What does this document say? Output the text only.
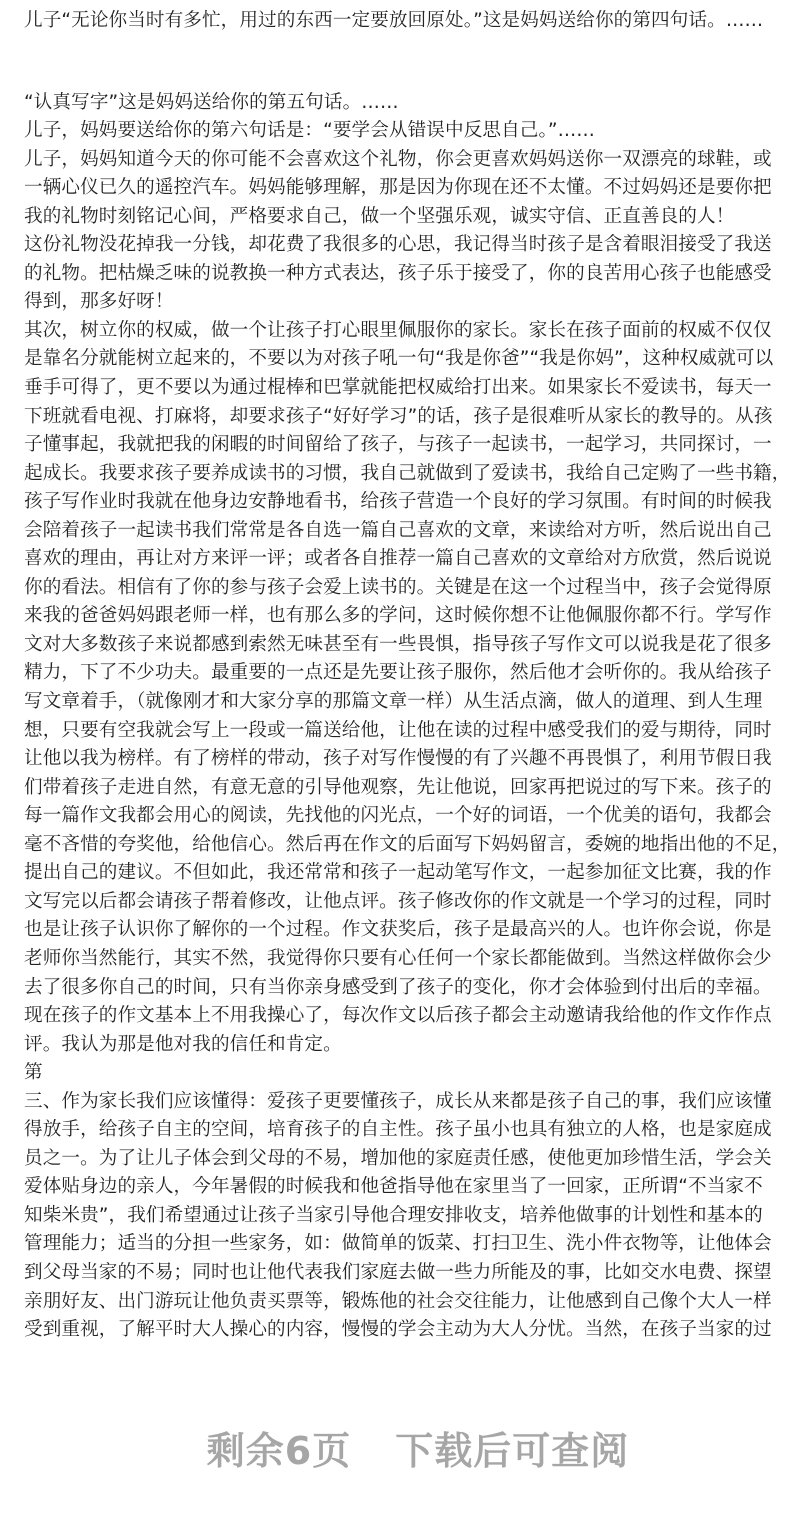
儿子“无论你当时有多忙，用过的东西一定要放回原处。”这是妈妈送给你的第四句话。……
“认真写字”这是妈妈送给你的第五句话。……
儿子，妈妈要送给你的第六句话是：“要学会从错误中反思自己。”……
儿子，妈妈知道今天的你可能不会喜欢这个礼物，你会更喜欢妈妈送你一双漂亮的球鞋，或
一辆心仪已久的遥控汽车。妈妈能够理解，那是因为你现在还不太懂。不过妈妈还是要你把
我的礼物时刻铭记心间，严格要求自己，做一个坚强乐观，诚实守信、正直善良的人！
这份礼物没花掉我一分钱，却花费了我很多的心思，我记得当时孩子是含着眼泪接受了我送
的礼物。把枯燥乏味的说教换一种方式表达，孩子乐于接受了，你的良苦用心孩子也能感受
得到，那多好呀！
其次，树立你的权威，做一个让孩子打心眼里佩服你的家长。家长在孩子面前的权威不仅仅
是靠名分就能树立起来的，不要以为对孩子吼一句“我是你爸”“我是你妈”，这种权威就可以
垂手可得了，更不要以为通过棍棒和巴掌就能把权威给打出来。如果家长不爱读书，每天一
下班就看电视、打麻将，却要求孩子“好好学习”的话，孩子是很难听从家长的教导的。从孩
子懂事起，我就把我的闲暇的时间留给了孩子，与孩子一起读书，一起学习，共同探讨，一
起成长。我要求孩子要养成读书的习惯，我自己就做到了爱读书，我给自己定购了一些书籍，
孩子写作业时我就在他身边安静地看书，给孩子营造一个良好的学习氛围。有时间的时候我
会陪着孩子一起读书我们常常是各自选一篇自己喜欢的文章，来读给对方听，然后说出自己
喜欢的理由，再让对方来评一评；或者各自推荐一篇自己喜欢的文章给对方欣赏，然后说说
你的看法。相信有了你的参与孩子会爱上读书的。关键是在这一个过程当中，孩子会觉得原
来我的爸爸妈妈跟老师一样，也有那么多的学问，这时候你想不让他佩服你都不行。学写作
文对大多数孩子来说都感到索然无味甚至有一些畏惧，指导孩子写作文可以说我是花了很多
精力，下了不少功夫。最重要的一点还是先要让孩子服你，然后他才会听你的。我从给孩子
写文章着手，（就像刚才和大家分享的那篇文章一样）从生活点滴，做人的道理、到人生理
想，只要有空我就会写上一段或一篇送给他，让他在读的过程中感受我们的爱与期待，同时
让他以我为榜样。有了榜样的带动，孩子对写作慢慢的有了兴趣不再畏惧了，利用节假日我
们带着孩子走进自然，有意无意的引导他观察，先让他说，回家再把说过的写下来。孩子的
每一篇作文我都会用心的阅读，先找他的闪光点，一个好的词语，一个优美的语句，我都会
毫不吝惜的夸奖他，给他信心。然后再在作文的后面写下妈妈留言，委婉的地指出他的不足，
提出自己的建议。不但如此，我还常常和孩子一起动笔写作文，一起参加征文比赛，我的作
文写完以后都会请孩子帮着修改，让他点评。孩子修改你的作文就是一个学习的过程，同时
也是让孩子认识你了解你的一个过程。作文获奖后，孩子是最高兴的人。也许你会说，你是
老师你当然能行，其实不然，我觉得你只要有心任何一个家长都能做到。当然这样做你会少
去了很多你自己的时间，只有当你亲身感受到了孩子的变化，你才会体验到付出后的幸福。
现在孩子的作文基本上不用我操心了，每次作文以后孩子都会主动邀请我给他的作文作作点
评。我认为那是他对我的信任和肯定。
第
三、作为家长我们应该懂得：爱孩子更要懂孩子，成长从来都是孩子自己的事，我们应该懂
得放手，给孩子自主的空间，培育孩子的自主性。孩子虽小也具有独立的人格，也是家庭成
员之一。为了让儿子体会到父母的不易，增加他的家庭责任感，使他更加珍惜生活，学会关
爱体贴身边的亲人，今年暑假的时候我和他爸指导他在家里当了一回家，正所谓“不当家不
知柴米贵”，我们希望通过让孩子当家引导他合理安排收支，培养他做事的计划性和基本的
管理能力；适当的分担一些家务，如：做简单的饭菜、打扫卫生、洗小件衣物等，让他体会
到父母当家的不易；同时也让他代表我们家庭去做一些力所能及的事，比如交水电费、探望
亲朋好友、出门游玩让他负责买票等，锻炼他的社会交往能力，让他感到自己像个大人一样
受到重视，了解平时大人操心的内容，慢慢的学会主动为大人分忧。当然，在孩子当家的过
剩余6页 下载后可查阅
